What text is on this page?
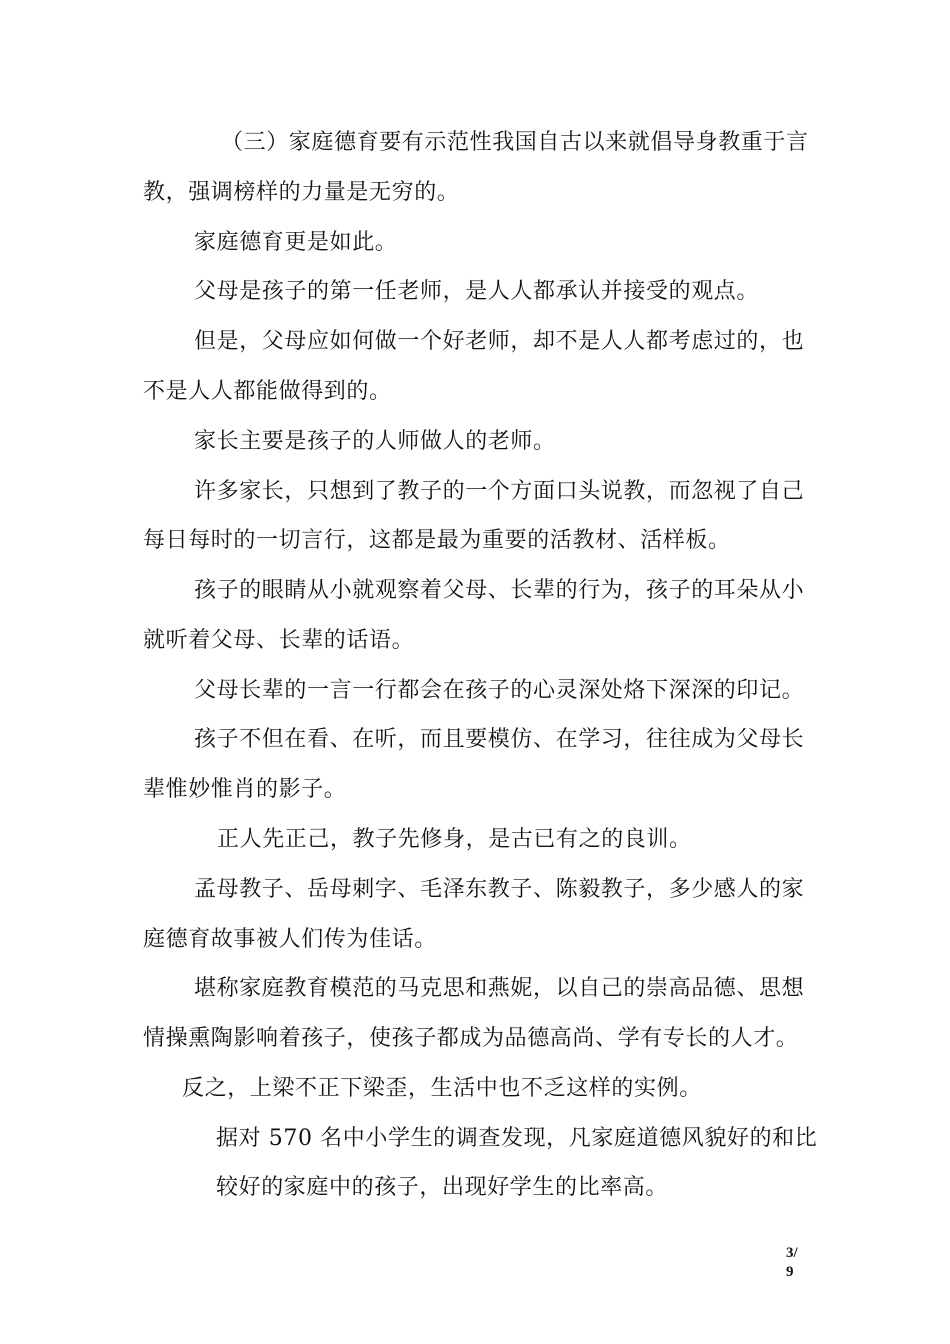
（三）家庭德育要有示范性我国自古以来就倡导身教重于言
教，强调榜样的力量是无穷的。
家庭德育更是如此。
父母是孩子的第一任老师，是人人都承认并接受的观点。
但是，父母应如何做一个好老师，却不是人人都考虑过的，也
不是人人都能做得到的。
家长主要是孩子的人师做人的老师。
许多家长，只想到了教子的一个方面口头说教，而忽视了自己
每日每时的一切言行，这都是最为重要的活教材、活样板。
孩子的眼睛从小就观察着父母、长辈的行为，孩子的耳朵从小
就听着父母、长辈的话语。
父母长辈的一言一行都会在孩子的心灵深处烙下深深的印记。
孩子不但在看、在听，而且要模仿、在学习，往往成为父母长
辈惟妙惟肖的影子。
正人先正己，教子先修身，是古已有之的良训。
孟母教子、岳母刺字、毛泽东教子、陈毅教子，多少感人的家
庭德育故事被人们传为佳话。
堪称家庭教育模范的马克思和燕妮，以自己的崇高品德、思想
情操熏陶影响着孩子，使孩子都成为品德高尚、学有专长的人才。
反之，上梁不正下梁歪，生活中也不乏这样的实例。
据对 570 名中小学生的调查发现，凡家庭道德风貌好的和比
较好的家庭中的孩子，出现好学生的比率高。
3/
9
